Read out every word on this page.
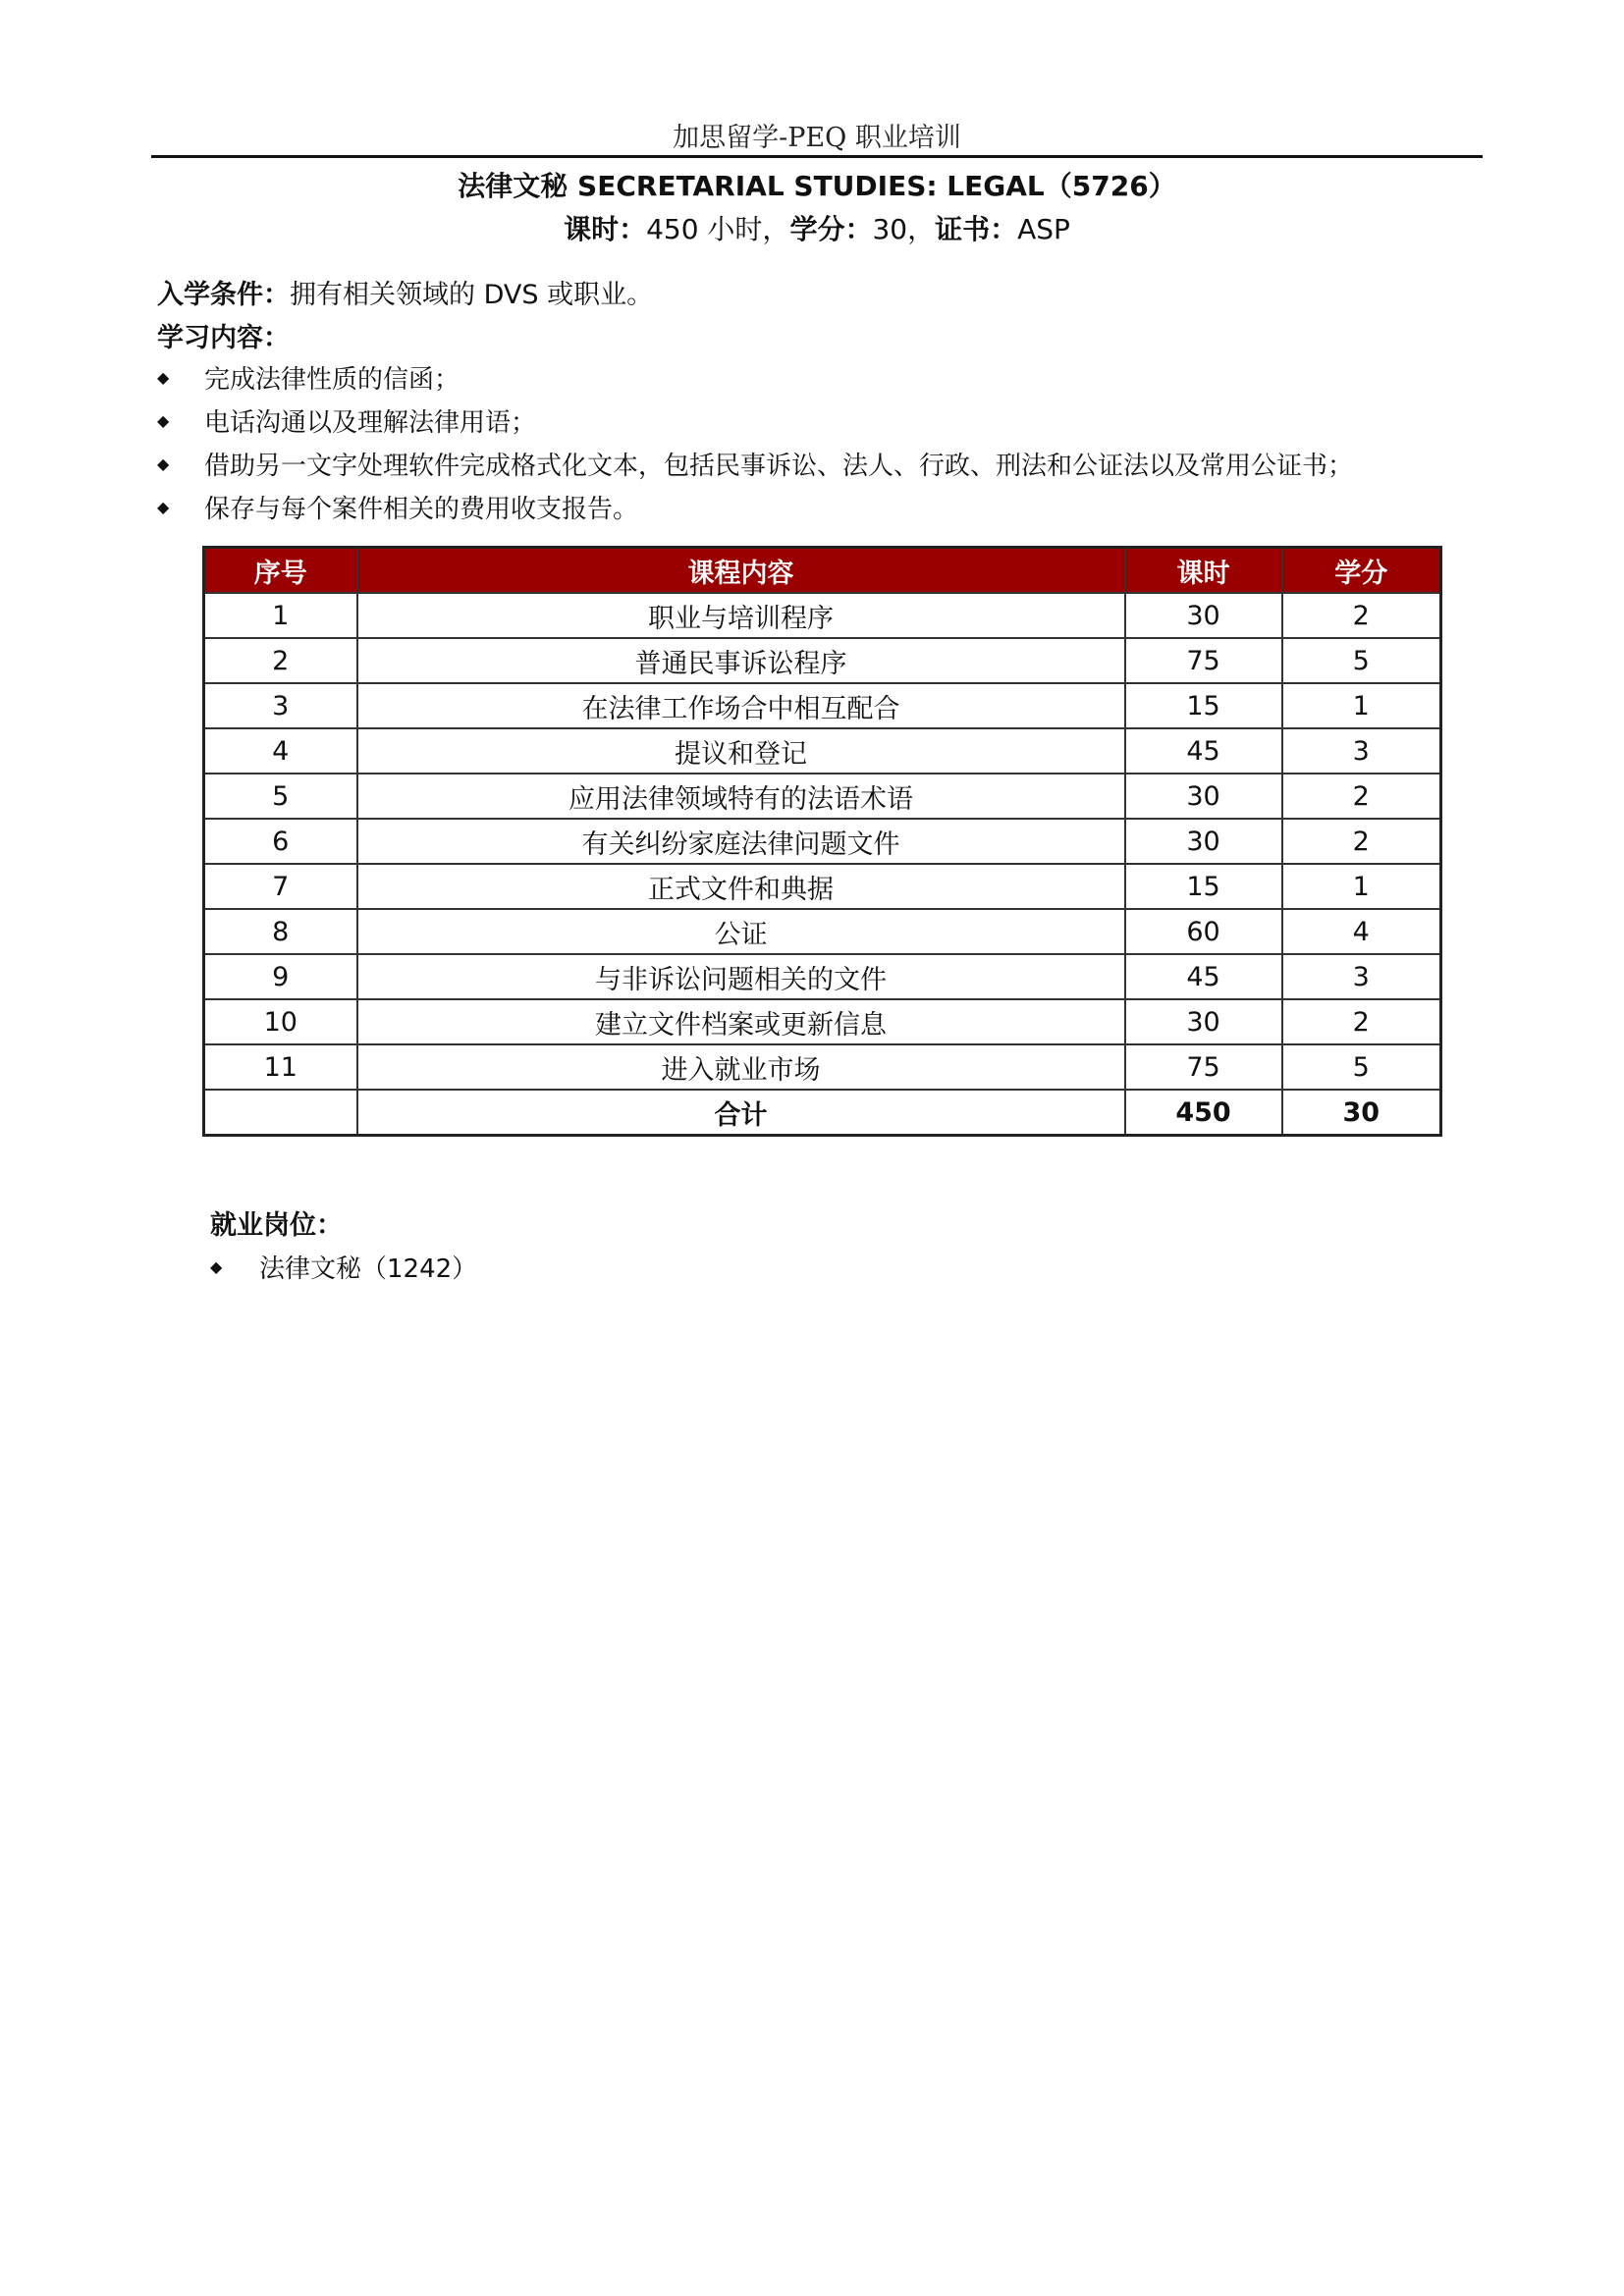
加思留学-PEQ 职业培训
法律文秘 SECRETARIAL STUDIES: LEGAL（5726）
课时：450 小时，学分：30，证书：ASP
入学条件：拥有相关领域的 DVS 或职业。
学习内容：
◆ 完成法律性质的信函；
◆ 电话沟通以及理解法律用语；
◆ 借助另一文字处理软件完成格式化文本，包括民事诉讼、法人、行政、刑法和公证法以及常用公证书；
◆ 保存与每个案件相关的费用收支报告。
序号	课程内容	课时	学分
1	职业与培训程序	30	2
2	普通民事诉讼程序	75	5
3	在法律工作场合中相互配合	15	1
4	提议和登记	45	3
5	应用法律领域特有的法语术语	30	2
6	有关纠纷家庭法律问题文件	30	2
7	正式文件和典据	15	1
8	公证	60	4
9	与非诉讼问题相关的文件	45	3
10	建立文件档案或更新信息	30	2
11	进入就业市场	75	5
	合计	450	30
就业岗位：
◆ 法律文秘（1242）
